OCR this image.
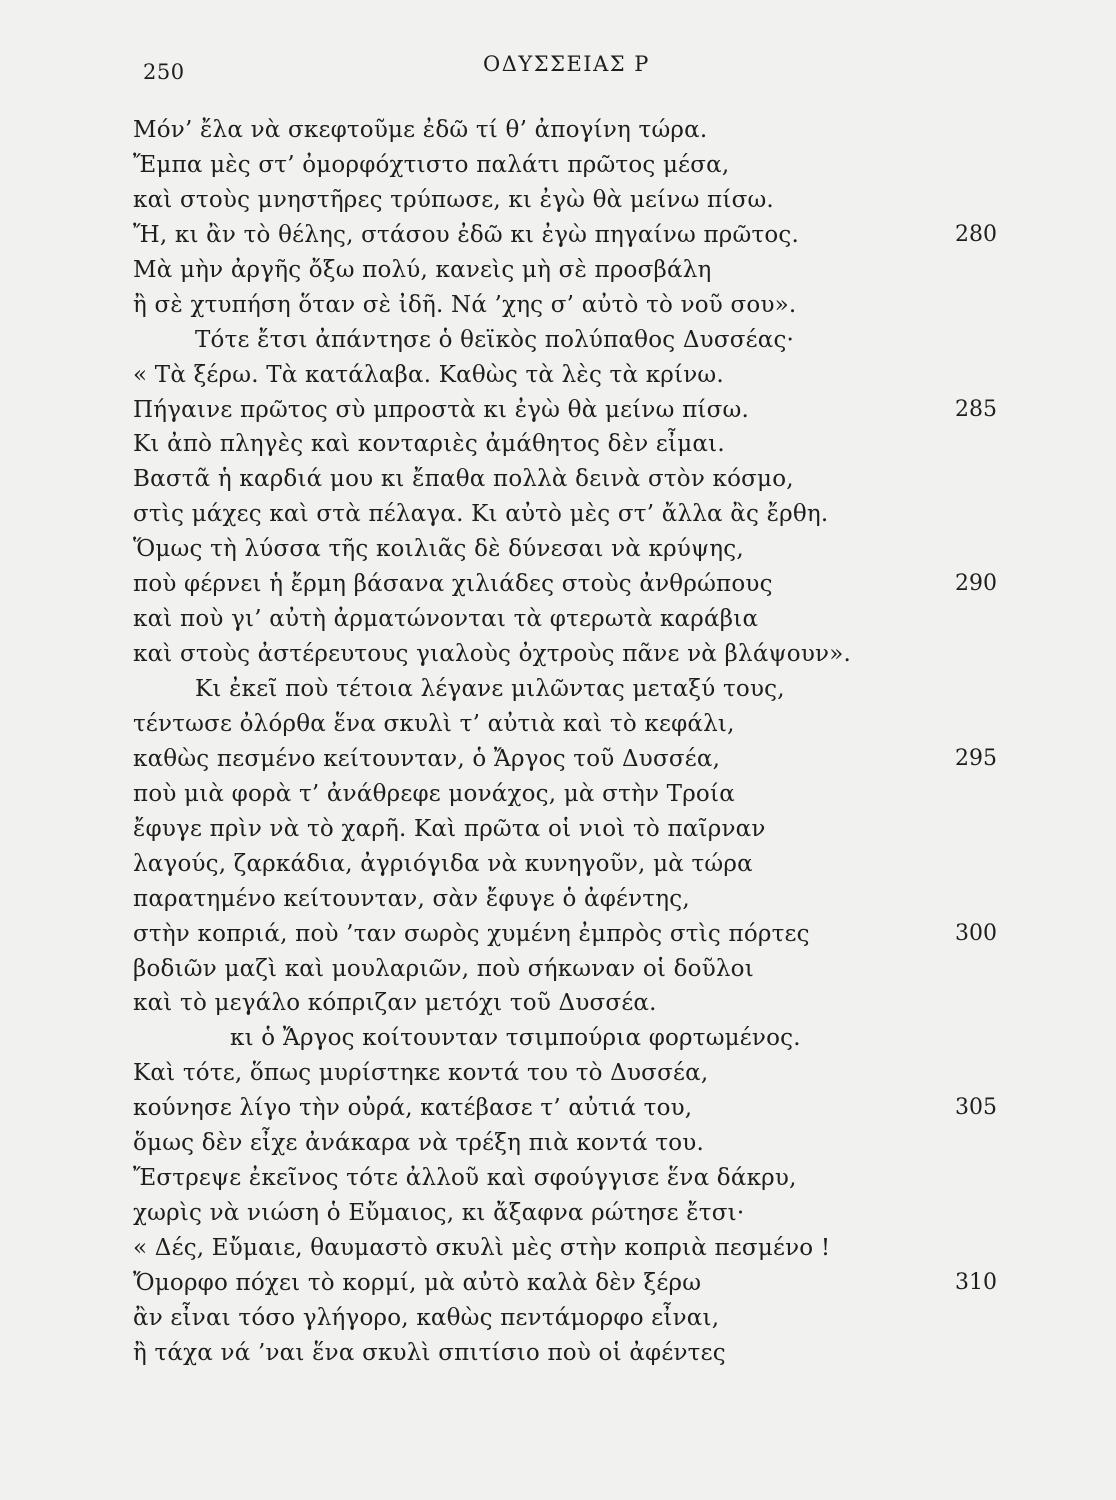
250	ΟΔΥΣΣΕΙΑΣ Ρ
Μόν’ ἔλα νὰ σκεφτοῦμε ἐδῶ τί θ’ ἀπογίνη τώρα.
Ἔμπα μὲς στ’ ὀμορφόχτιστο παλάτι πρῶτος μέσα,
καὶ στοὺς μνηστῆρες τρύπωσε, κι ἐγὼ θὰ μείνω πίσω.
Ἤ, κι ἂν τὸ θέλης, στάσου ἐδῶ κι ἐγὼ πηγαίνω πρῶτος.	280
Μὰ μὴν ἀργῆς ὄξω πολύ, κανεὶς μὴ σὲ προσβάλη
ἢ σὲ χτυπήση ὅταν σὲ ἰδῆ. Νά ’χης σ’ αὐτὸ τὸ νοῦ σου».
Τότε ἔτσι ἀπάντησε ὁ θεϊκὸς πολύπαθος Δυσσέας·
« Τὰ ξέρω. Τὰ κατάλαβα. Καθὼς τὰ λὲς τὰ κρίνω.
Πήγαινε πρῶτος σὺ μπροστὰ κι ἐγὼ θὰ μείνω πίσω.	285
Κι ἀπὸ πληγὲς καὶ κονταριὲς ἀμάθητος δὲν εἶμαι.
Βαστᾶ ἡ καρδιά μου κι ἔπαθα πολλὰ δεινὰ στὸν κόσμο,
στὶς μάχες καὶ στὰ πέλαγα. Κι αὐτὸ μὲς στ’ ἄλλα ἂς ἔρθη.
Ὅμως τὴ λύσσα τῆς κοιλιᾶς δὲ δύνεσαι νὰ κρύψης,
ποὺ φέρνει ἡ ἔρμη βάσανα χιλιάδες στοὺς ἀνθρώπους	290
καὶ ποὺ γι’ αὐτὴ ἀρματώνονται τὰ φτερωτὰ καράβια
καὶ στοὺς ἀστέρευτους γιαλοὺς ὀχτροὺς πᾶνε νὰ βλάψουν».
Κι ἐκεῖ ποὺ τέτοια λέγανε μιλῶντας μεταξύ τους,
τέντωσε ὀλόρθα ἕνα σκυλὶ τ’ αὐτιὰ καὶ τὸ κεφάλι,
καθὼς πεσμένο κείτουνταν, ὁ Ἄργος τοῦ Δυσσέα,	295
ποὺ μιὰ φορὰ τ’ ἀνάθρεφε μονάχος, μὰ στὴν Τροία
ἔφυγε πρὶν νὰ τὸ χαρῆ. Καὶ πρῶτα οἱ νιοὶ τὸ παῖρναν
λαγούς, ζαρκάδια, ἀγριόγιδα νὰ κυνηγοῦν, μὰ τώρα
παρατημένο κείτουνταν, σὰν ἔφυγε ὁ ἀφέντης,
στὴν κοπριά, ποὺ ’ταν σωρὸς χυμένη ἐμπρὸς στὶς πόρτες	300
βοδιῶν μαζὶ καὶ μουλαριῶν, ποὺ σήκωναν οἱ δοῦλοι
καὶ τὸ μεγάλο κόπριζαν μετόχι τοῦ Δυσσέα.
κι ὁ Ἄργος κοίτουνταν τσιμπούρια φορτωμένος.
Καὶ τότε, ὅπως μυρίστηκε κοντά του τὸ Δυσσέα,
κούνησε λίγο τὴν οὐρά, κατέβασε τ’ αὐτιά του,	305
ὅμως δὲν εἶχε ἀνάκαρα νὰ τρέξη πιὰ κοντά του.
Ἔστρεψε ἐκεῖνος τότε ἀλλοῦ καὶ σφούγγισε ἕνα δάκρυ,
χωρὶς νὰ νιώση ὁ Εὔμαιος, κι ἄξαφνα ρώτησε ἔτσι·
« Δές, Εὔμαιε, θαυμαστὸ σκυλὶ μὲς στὴν κοπριὰ πεσμένο !
Ὄμορφο πόχει τὸ κορμί, μὰ αὐτὸ καλὰ δὲν ξέρω	310
ἂν εἶναι τόσο γλήγορο, καθὼς πεντάμορφο εἶναι,
ἢ τάχα νά ’ναι ἕνα σκυλὶ σπιτίσιο ποὺ οἱ ἀφέντες
